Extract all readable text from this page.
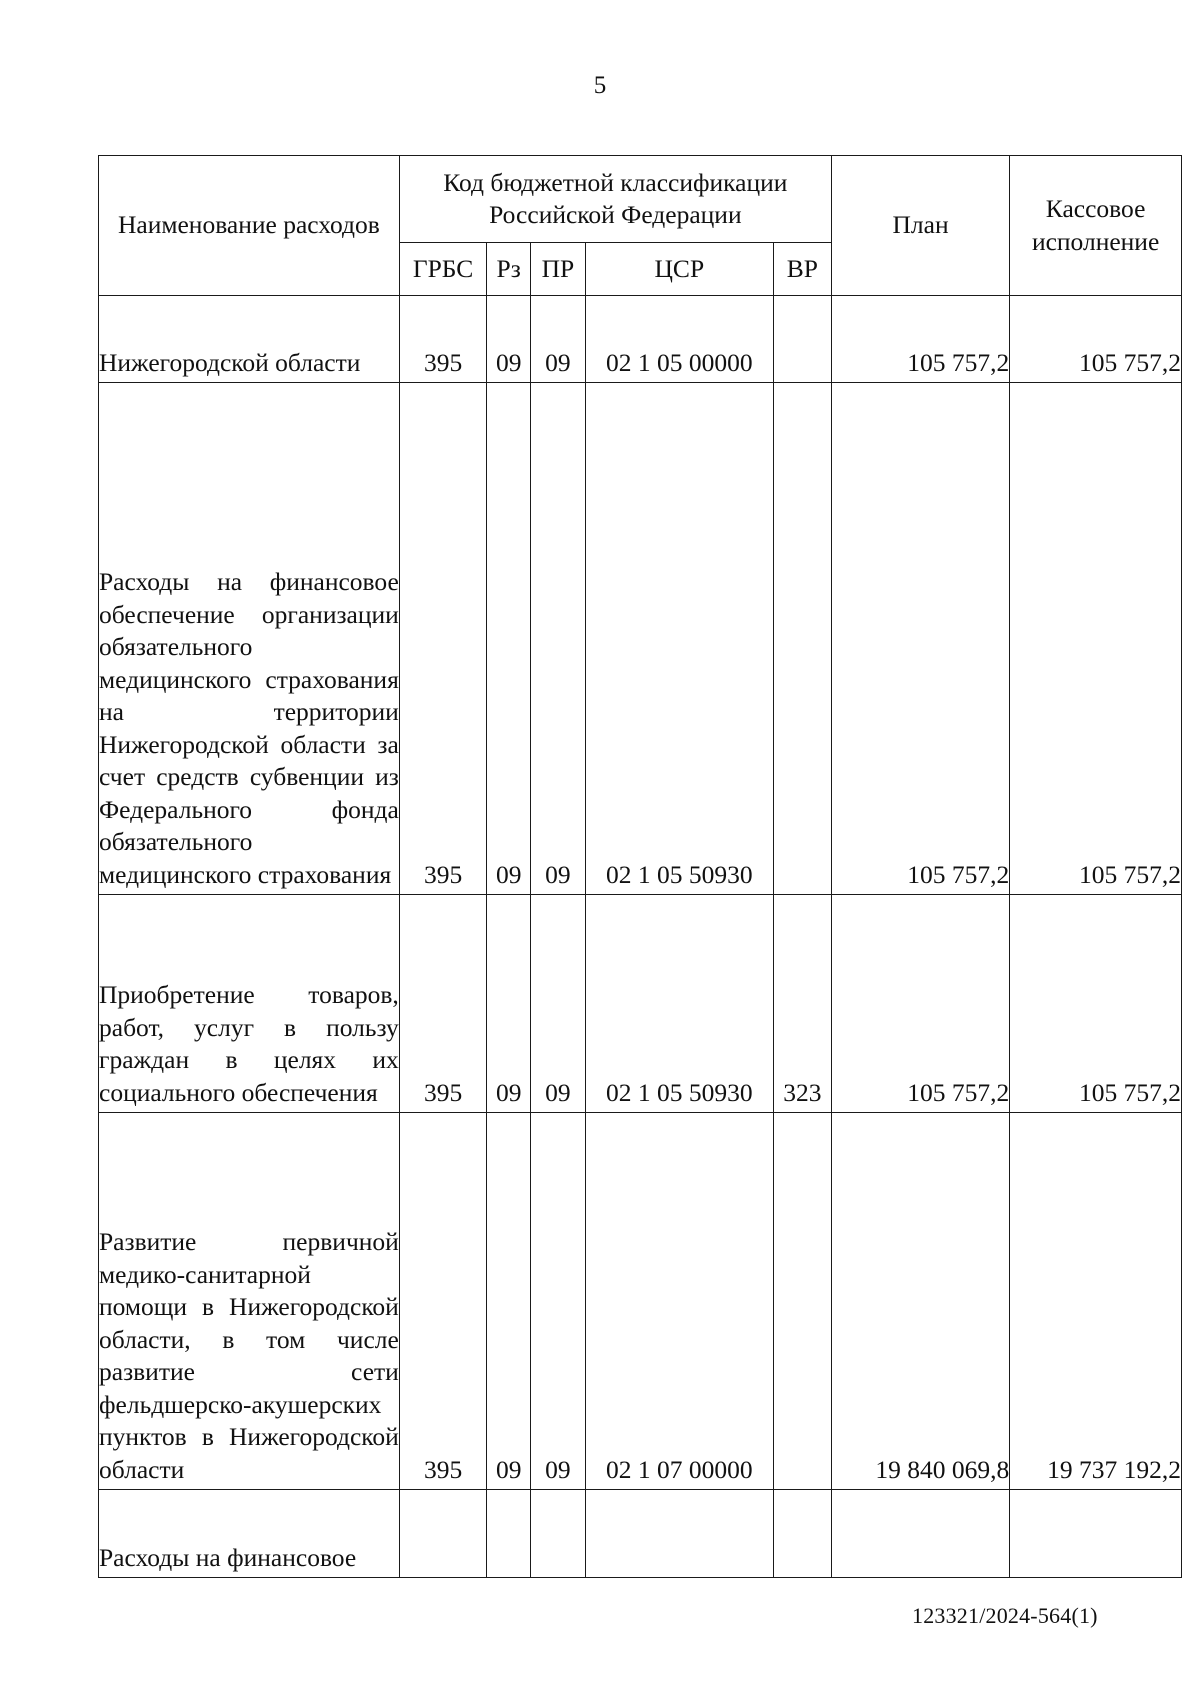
5
Наименование расходов	Код бюджетной классификации Российской Федерации					План	Кассовое исполнение
	ГРБС	Рз	ПР	ЦСР	ВР		
Нижегородской области	395	09	09	02 1 05 00000		105 757,2	105 757,2
Расходы на финансовое обеспечение организации обязательного медицинского страхования на территории Нижегородской области за счет средств субвенции из Федерального фонда обязательного медицинского страхования	395	09	09	02 1 05 50930		105 757,2	105 757,2
Приобретение товаров, работ, услуг в пользу граждан в целях их социального обеспечения	395	09	09	02 1 05 50930	323	105 757,2	105 757,2
Развитие первичной медико-санитарной помощи в Нижегородской области, в том числе развитие сети фельдшерско-акушерских пунктов в Нижегородской области	395	09	09	02 1 07 00000		19 840 069,8	19 737 192,2
Расходы на финансовое							
123321/2024-564(1)
